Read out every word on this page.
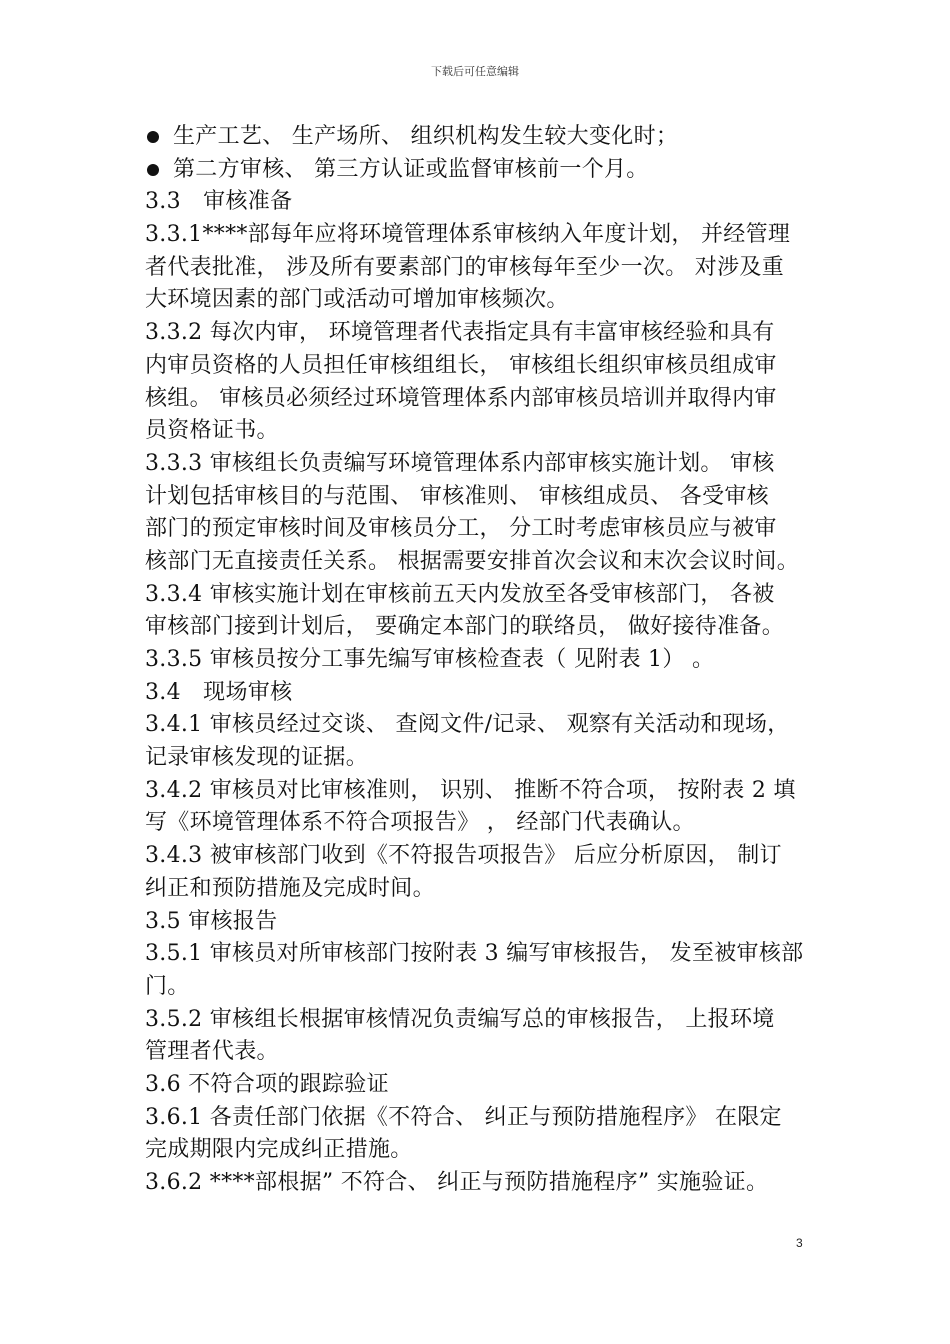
下载后可任意编辑
生产工艺、 生产场所、 组织机构发生较大变化时；
第二方审核、 第三方认证或监督审核前一个月。
3.3　审核准备
3.3.1****部每年应将环境管理体系审核纳入年度计划， 并经管理
者代表批准， 涉及所有要素部门的审核每年至少一次。 对涉及重
大环境因素的部门或活动可增加审核频次。
3.3.2 每次内审， 环境管理者代表指定具有丰富审核经验和具有
内审员资格的人员担任审核组组长， 审核组长组织审核员组成审
核组。 审核员必须经过环境管理体系内部审核员培训并取得内审
员资格证书。
3.3.3 审核组长负责编写环境管理体系内部审核实施计划。 审核
计划包括审核目的与范围、 审核准则、 审核组成员、 各受审核
部门的预定审核时间及审核员分工， 分工时考虑审核员应与被审
核部门无直接责任关系。 根据需要安排首次会议和末次会议时间。
3.3.4 审核实施计划在审核前五天内发放至各受审核部门， 各被
审核部门接到计划后， 要确定本部门的联络员， 做好接待准备。
3.3.5 审核员按分工事先编写审核检查表（ 见附表 1） 。
3.4　现场审核
3.4.1 审核员经过交谈、 查阅文件/记录、 观察有关活动和现场，
记录审核发现的证据。
3.4.2 审核员对比审核准则， 识别、 推断不符合项， 按附表 2 填
写《环境管理体系不符合项报告》 ， 经部门代表确认。
3.4.3 被审核部门收到《不符报告项报告》 后应分析原因， 制订
纠正和预防措施及完成时间。
3.5 审核报告
3.5.1 审核员对所审核部门按附表 3 编写审核报告， 发至被审核部
门。
3.5.2 审核组长根据审核情况负责编写总的审核报告， 上报环境
管理者代表。
3.6 不符合项的跟踪验证
3.6.1 各责任部门依据《不符合、 纠正与预防措施程序》 在限定
完成期限内完成纠正措施。
3.6.2 ****部根据” 不符合、 纠正与预防措施程序” 实施验证。
3
